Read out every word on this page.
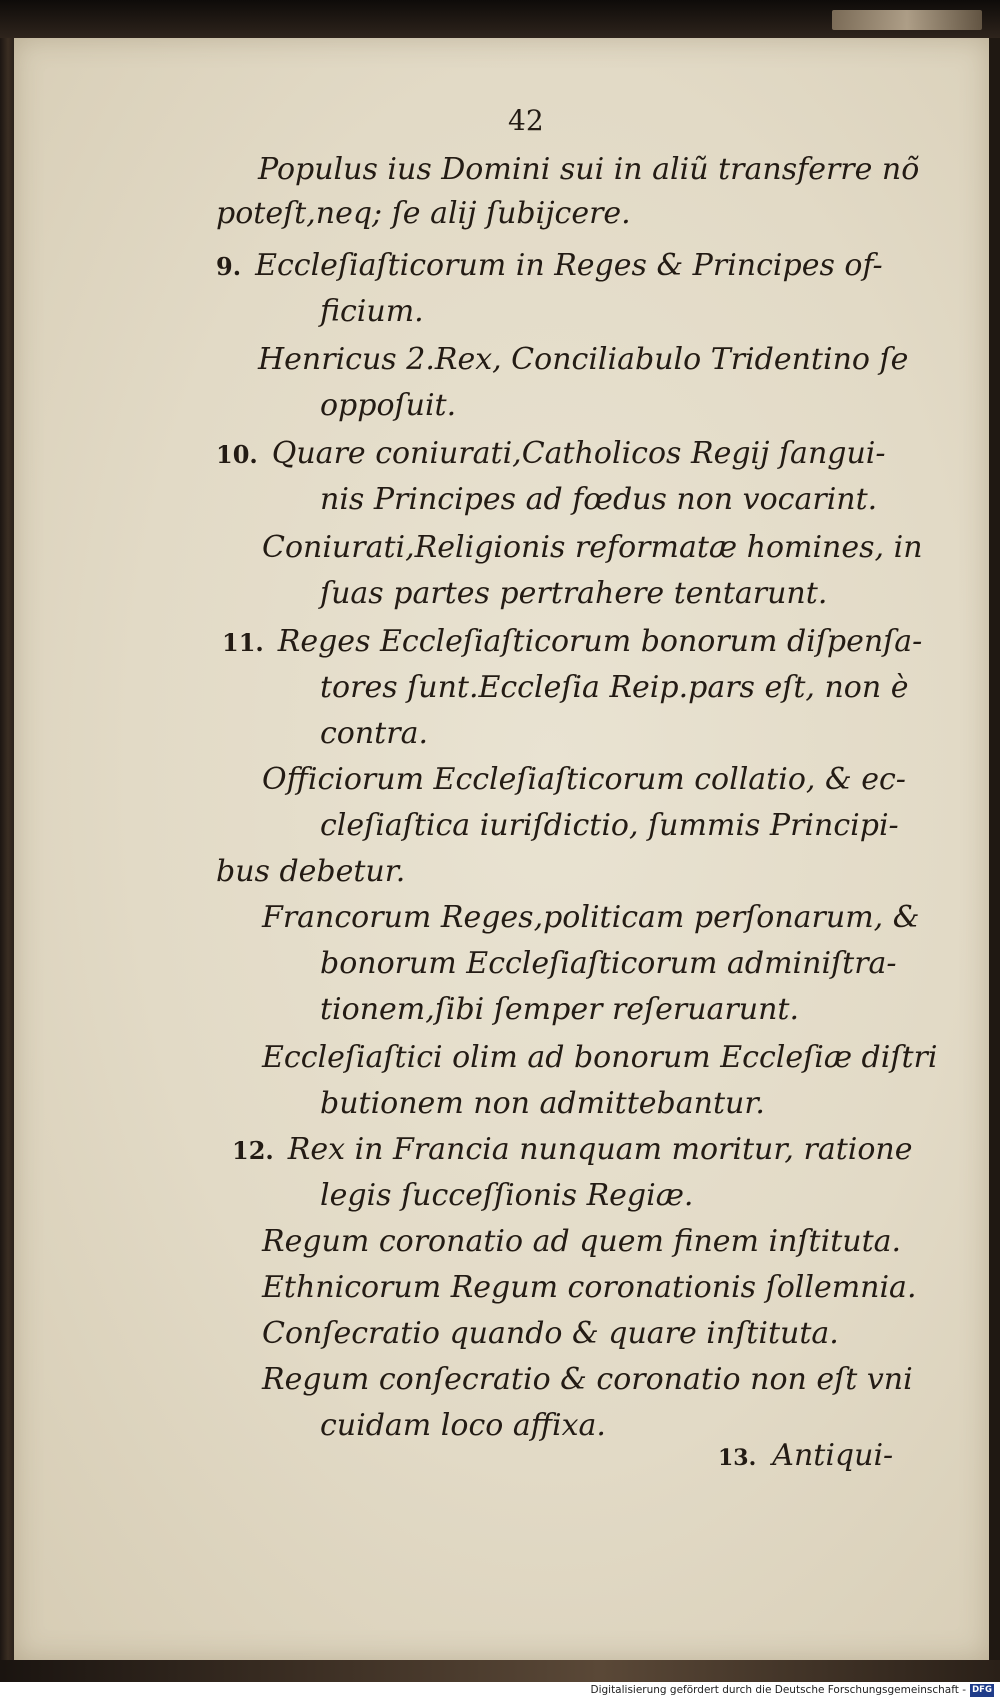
42
Populus ius Domini sui in aliũ transferre nõ
poteſt,neq; ſe alij ſubijcere.
9. Eccleſiaſticorum in Reges & Principes of-
ficium.
Henricus 2.Rex, Conciliabulo Tridentino ſe
oppoſuit.
10. Quare coniurati,Catholicos Regij ſangui-
nis Principes ad fœdus non vocarint.
Coniurati,Religionis reformatæ homines, in
ſuas partes pertrahere tentarunt.
11. Reges Eccleſiaſticorum bonorum diſpenſa-
tores ſunt.Eccleſia Reip.pars eſt, non è
contra.
Officiorum Eccleſiaſticorum collatio, & ec-
cleſiaſtica iuriſdictio, ſummis Principi-
bus debetur.
Francorum Reges,politicam perſonarum, &
bonorum Eccleſiaſticorum adminiſtra-
tionem,ſibi ſemper reſeruarunt.
Eccleſiaſtici olim ad bonorum Eccleſiæ diſtri
butionem non admittebantur.
12. Rex in Francia nunquam moritur, ratione
legis ſucceſſionis Regiæ.
Regum coronatio ad quem finem inſtituta.
Ethnicorum Regum coronationis ſollemnia.
Conſecratio quando & quare inſtituta.
Regum conſecratio & coronatio non eſt vni
cuidam loco affixa.
13. Antiqui-
Digitalisierung gefördert durch die Deutsche Forschungsgemeinschaft - DFG
